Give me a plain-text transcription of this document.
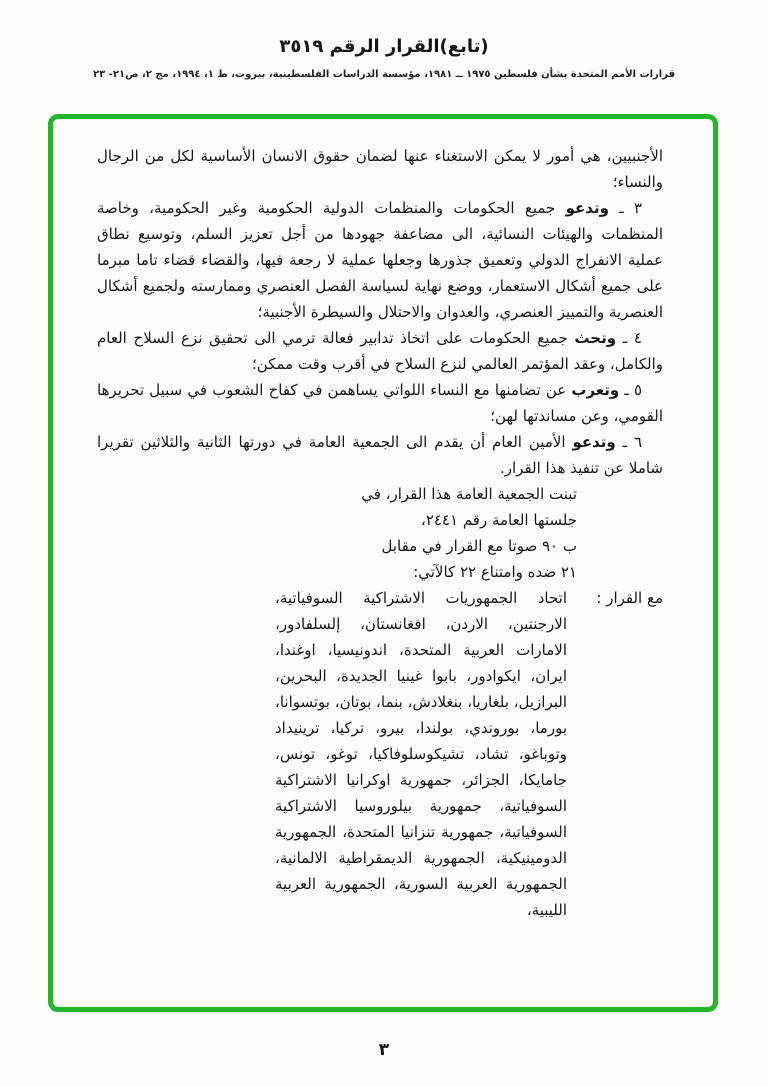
(تابع)القرار الرقم ٣٥١٩
قرارات الأمم المتحدة بشأن فلسطين ١٩٧٥ ــ ١٩٨١، مؤسسة الدراسات الفلسطينية، بيروت، ط ١، ١٩٩٤، مج ٢، ص٢١- ٢٣

الأجنبيين، هي أمور لا يمكن الاستغناء عنها لضمان حقوق الانسان الأساسية لكل من الرجال والنساء؛

٣ ـ وتدعو جميع الحكومات والمنظمات الدولية الحكومية وغير الحكومية، وخاصة المنظمات والهيئات النسائية، الى مضاعفة جهودها من أجل تعزيز السلم، وتوسيع نطاق عملية الانفراج الدولي وتعميق جذورها وجعلها عملية لا رجعة فيها، والقضاء قضاء تاما مبرما على جميع أشكال الاستعمار، ووضع نهاية لسياسة الفصل العنصري وممارسته ولجميع أشكال العنصرية والتمييز العنصري، والعدوان والاحتلال والسيطرة الأجنبية؛

٤ ـ وتحث جميع الحكومات على اتخاذ تدابير فعالة ترمي الى تحقيق نزع السلاح العام والكامل، وعقد المؤتمر العالمي لنزع السلاح في أقرب وقت ممكن؛

٥ ـ وتعرب عن تضامنها مع النساء اللواتي يساهمن في كفاح الشعوب في سبيل تحريرها القومي، وعن مساندتها لهن؛

٦ ـ وتدعو الأمين العام أن يقدم الى الجمعية العامة في دورتها الثانية والثلاثين تقريرا شاملا عن تنفيذ هذا القرار.

تبنت الجمعية العامة هذا القرار، في
جلستها العامة رقم ٢٤٤١،
ب ٩٠ صوتا مع القرار في مقابل
٢١ ضده وامتناع ٢٢ كالآتي:
مع القرار :
اتحاد الجمهوريات الاشتراكية السوفياتية، الارجنتين، الاردن، افغانستان، إلسلفادور، الامارات العربية المتحدة، اندونيسيا، اوغندا، ايران، ايكوادور، بابوا غينيا الجديدة، البحرين، البرازيل، بلغاريا، بنغلادش، بنما، بوتان، بوتسوانا، بورما، بوروندي، بولندا، بيرو، تركيا، ترينيداد وتوباغو، تشاد، تشيكوسلوفاكيا، توغو، تونس، جامايكا، الجزائر، جمهورية اوكرانيا الاشتراكية السوفياتية، جمهورية بيلوروسيا الاشتراكية السوفياتية، جمهورية تنزانيا المتحدة، الجمهورية الدومينيكية، الجمهورية الديمقراطية الالمانية، الجمهورية العربية السورية، الجمهورية العربية الليبية،
٣
